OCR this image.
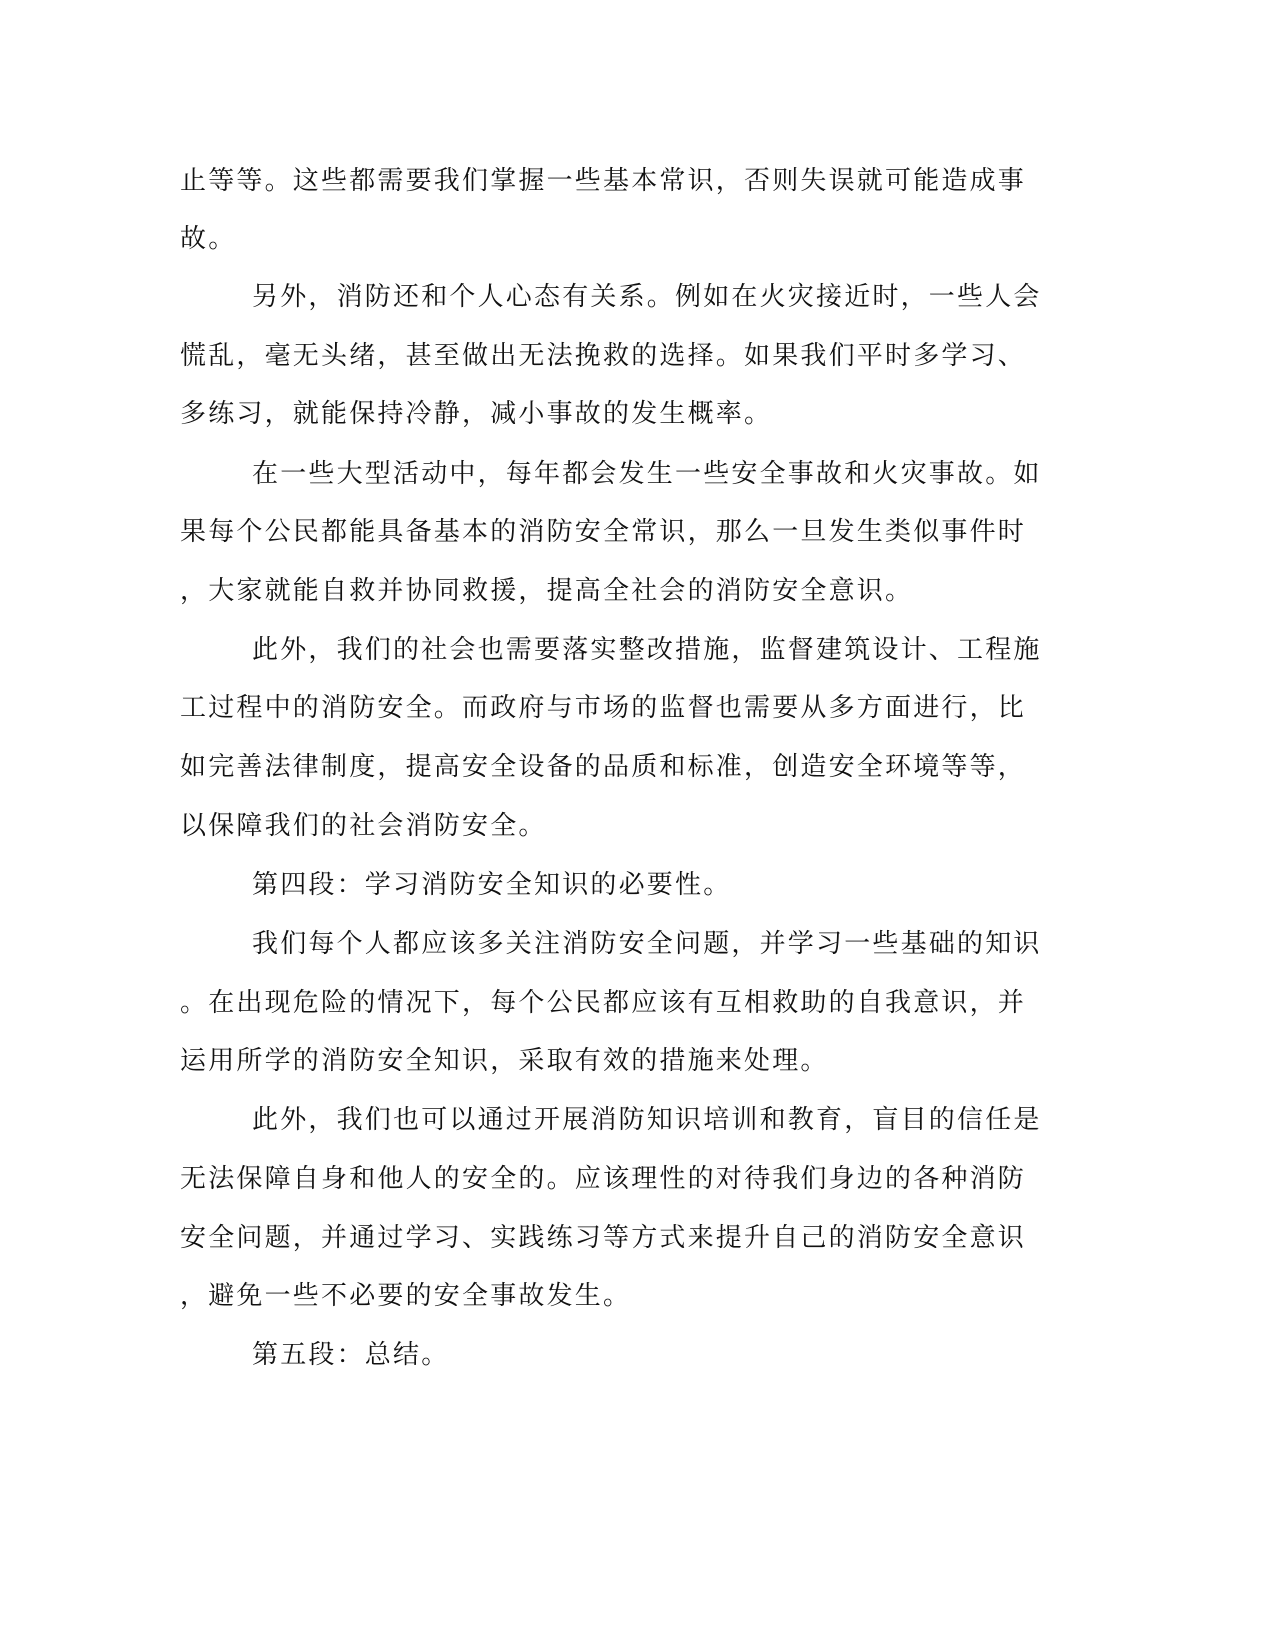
止等等。这些都需要我们掌握一些基本常识，否则失误就可能造成事
故。
另外，消防还和个人心态有关系。例如在火灾接近时，一些人会
慌乱，毫无头绪，甚至做出无法挽救的选择。如果我们平时多学习、
多练习，就能保持冷静，减小事故的发生概率。
在一些大型活动中，每年都会发生一些安全事故和火灾事故。如
果每个公民都能具备基本的消防安全常识，那么一旦发生类似事件时
，大家就能自救并协同救援，提高全社会的消防安全意识。
此外，我们的社会也需要落实整改措施，监督建筑设计、工程施
工过程中的消防安全。而政府与市场的监督也需要从多方面进行，比
如完善法律制度，提高安全设备的品质和标准，创造安全环境等等，
以保障我们的社会消防安全。
第四段：学习消防安全知识的必要性。
我们每个人都应该多关注消防安全问题，并学习一些基础的知识
。在出现危险的情况下，每个公民都应该有互相救助的自我意识，并
运用所学的消防安全知识，采取有效的措施来处理。
此外，我们也可以通过开展消防知识培训和教育，盲目的信任是
无法保障自身和他人的安全的。应该理性的对待我们身边的各种消防
安全问题，并通过学习、实践练习等方式来提升自己的消防安全意识
，避免一些不必要的安全事故发生。
第五段：总结。
